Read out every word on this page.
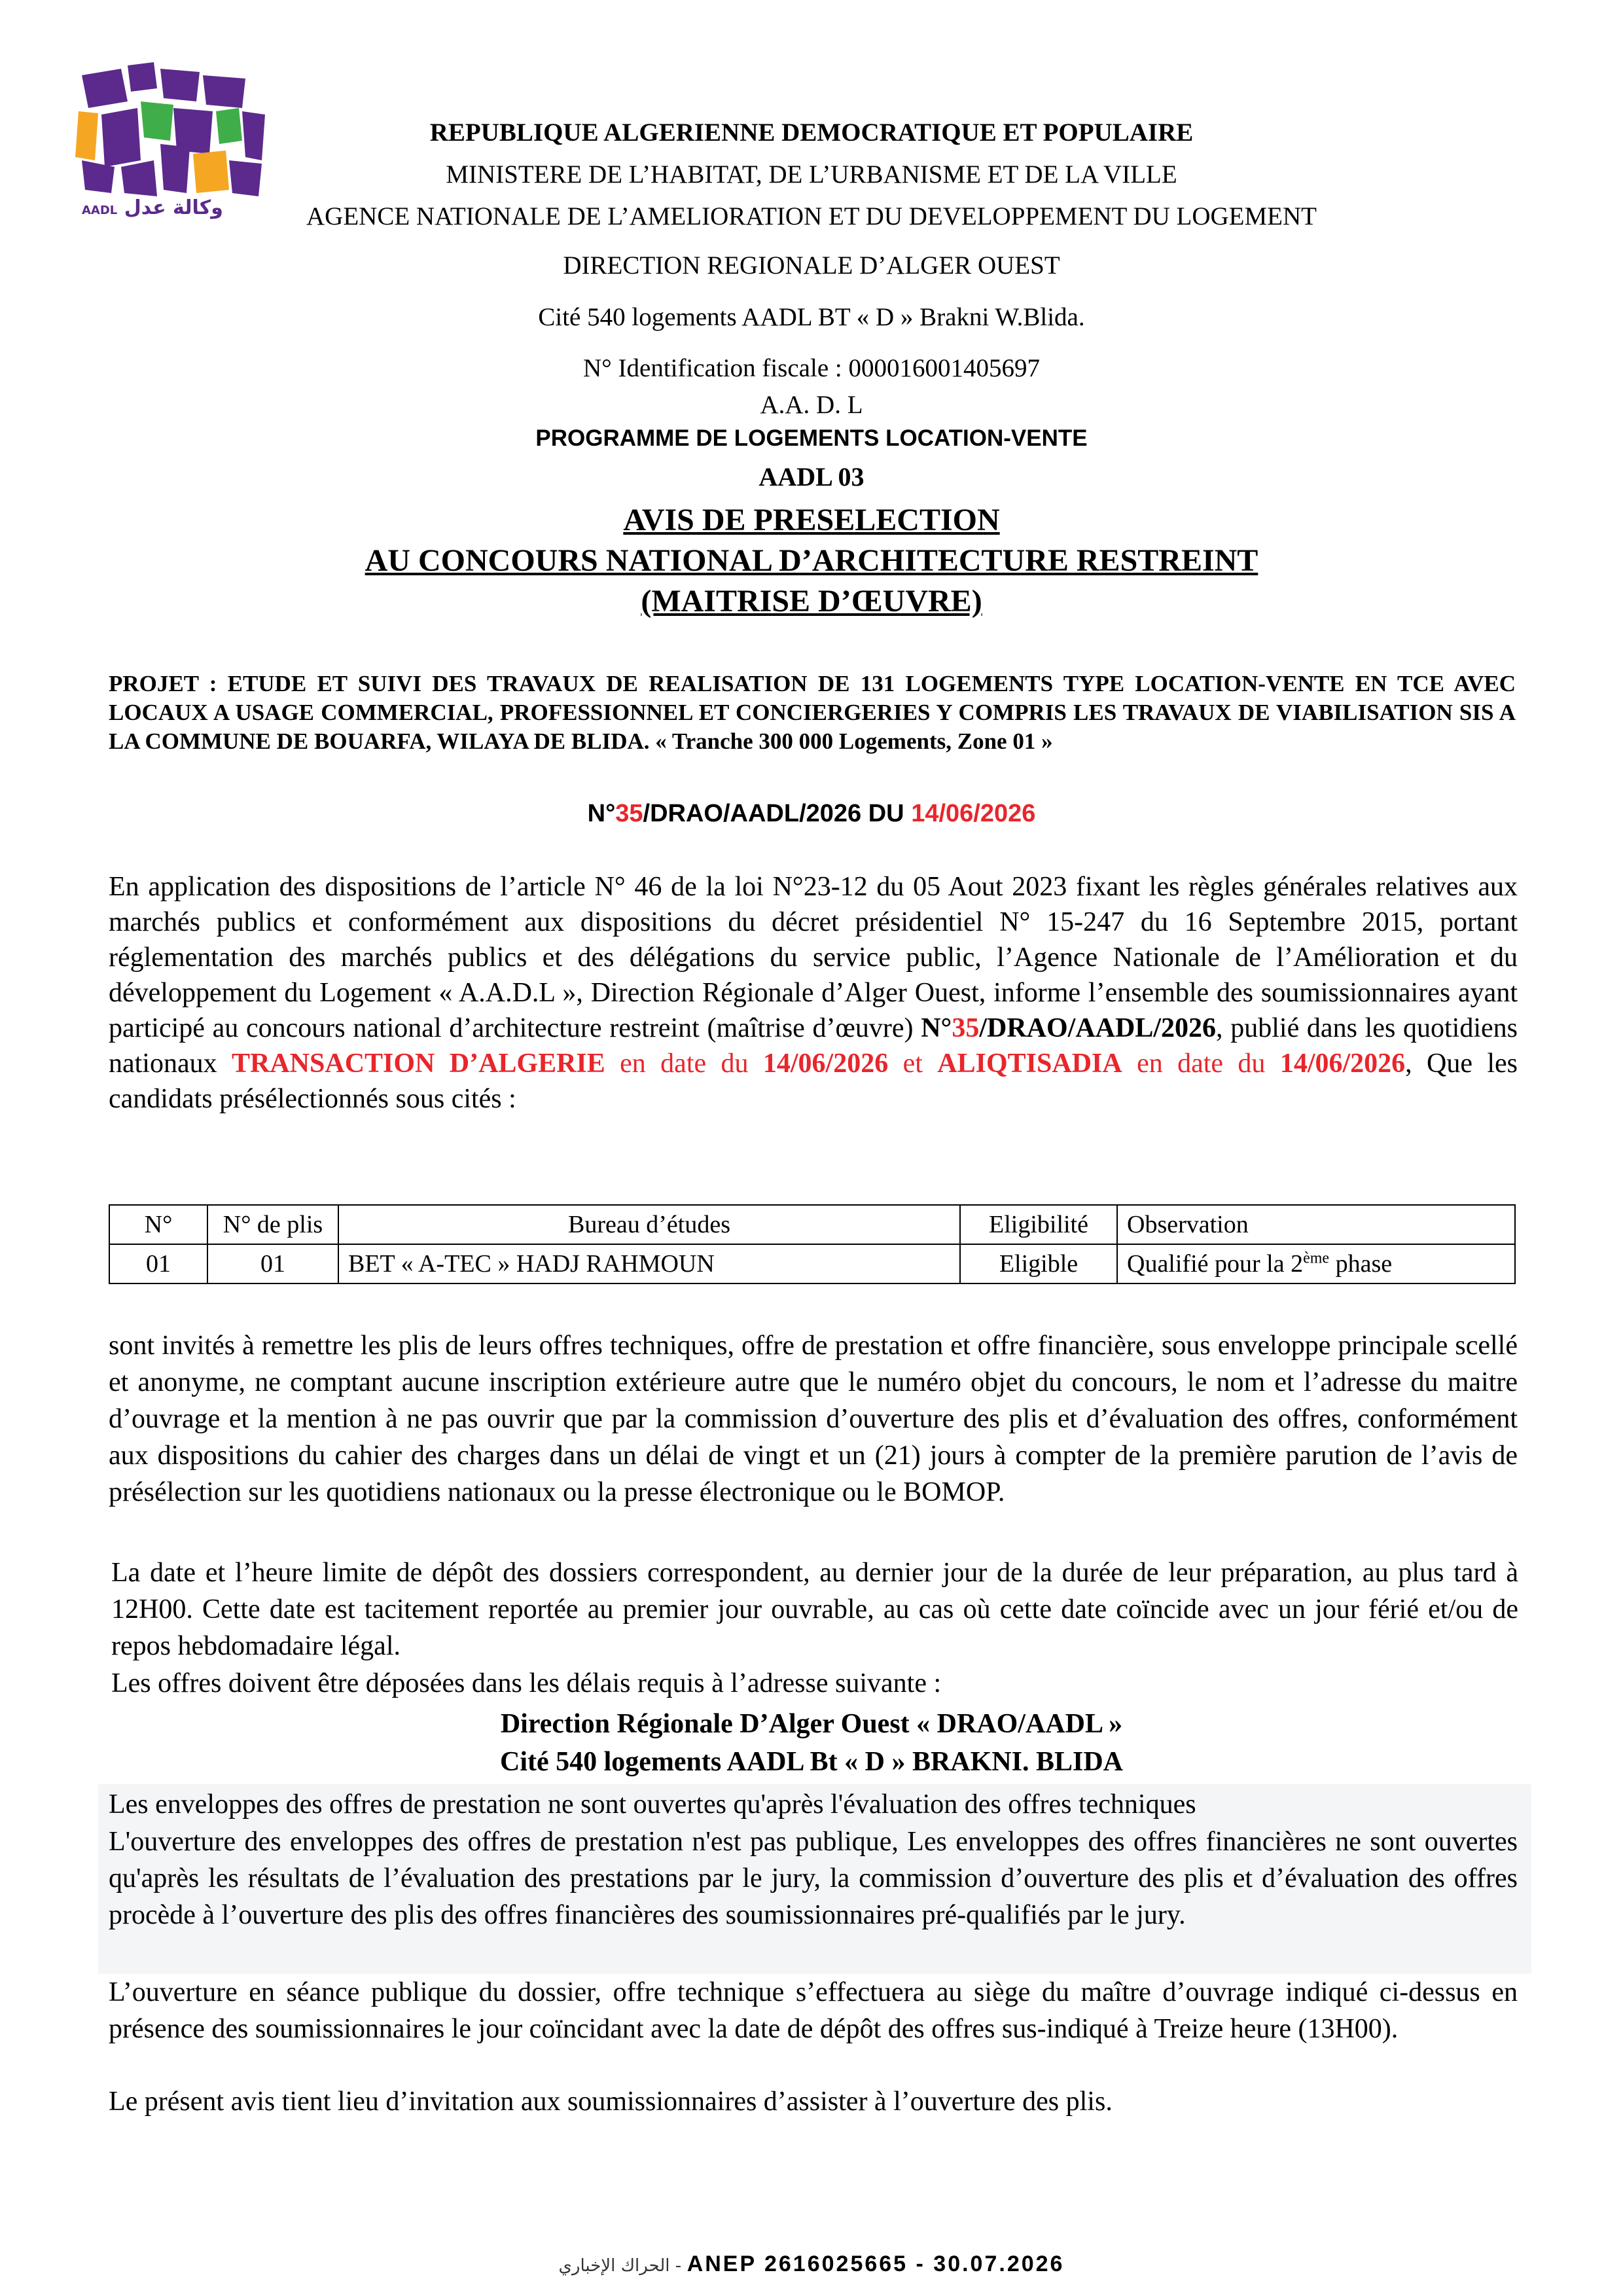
وكالة عدل AADL
REPUBLIQUE ALGERIENNE DEMOCRATIQUE ET POPULAIRE
MINISTERE DE L’HABITAT, DE L’URBANISME ET DE LA VILLE
AGENCE NATIONALE DE L’AMELIORATION ET DU DEVELOPPEMENT DU LOGEMENT
DIRECTION REGIONALE D’ALGER OUEST
Cité 540 logements AADL BT « D » Brakni W.Blida.
N° Identification fiscale : 000016001405697
A.A. D. L
PROGRAMME DE LOGEMENTS LOCATION-VENTE
AADL 03
AVIS DE PRESELECTION
AU CONCOURS NATIONAL D’ARCHITECTURE RESTREINT
(MAITRISE D’ŒUVRE)
PROJET : ETUDE ET SUIVI DES TRAVAUX DE REALISATION DE 131 LOGEMENTS TYPE LOCATION-VENTE EN TCE AVEC LOCAUX A USAGE COMMERCIAL, PROFESSIONNEL ET CONCIERGERIES Y COMPRIS LES TRAVAUX DE VIABILISATION SIS A LA COMMUNE DE BOUARFA, WILAYA DE BLIDA. « Tranche 300 000 Logements, Zone 01 »
N°35/DRAO/AADL/2026 DU 14/06/2026
En application des dispositions de l’article N° 46 de la loi N°23-12 du 05 Aout 2023 fixant les règles générales relatives aux marchés publics et conformément aux dispositions du décret présidentiel N° 15-247 du 16 Septembre 2015, portant réglementation des marchés publics et des délégations du service public, l’Agence Nationale de l’Amélioration et du développement du Logement « A.A.D.L », Direction Régionale d’Alger Ouest, informe l’ensemble des soumissionnaires ayant participé au concours national d’architecture restreint (maîtrise d’œuvre) N°35/DRAO/AADL/2026, publié dans les quotidiens nationaux TRANSACTION D’ALGERIE en date du 14/06/2026 et ALIQTISADIA en date du 14/06/2026, Que les candidats présélectionnés sous cités :
N°	N° de plis	Bureau d’études	Eligibilité	Observation
01	01	BET « A-TEC » HADJ RAHMOUN	Eligible	Qualifié pour la 2ème phase
sont invités à remettre les plis de leurs offres techniques, offre de prestation et offre financière, sous enveloppe principale scellé et anonyme, ne comptant aucune inscription extérieure autre que le numéro objet du concours, le nom et l’adresse du maitre d’ouvrage et la mention à ne pas ouvrir que par la commission d’ouverture des plis et d’évaluation des offres, conformément aux dispositions du cahier des charges dans un délai de vingt et un (21) jours à compter de la première parution de l’avis de présélection sur les quotidiens nationaux ou la presse électronique ou le BOMOP.
La date et l’heure limite de dépôt des dossiers correspondent, au dernier jour de la durée de leur préparation, au plus tard à 12H00. Cette date est tacitement reportée au premier jour ouvrable, au cas où cette date coïncide avec un jour férié et/ou de repos hebdomadaire légal.
Les offres doivent être déposées dans les délais requis à l’adresse suivante :
Direction Régionale D’Alger Ouest « DRAO/AADL »
Cité 540 logements AADL Bt « D » BRAKNI. BLIDA
Les enveloppes des offres de prestation ne sont ouvertes qu'après l'évaluation des offres techniques
L'ouverture des enveloppes des offres de prestation n'est pas publique, Les enveloppes des offres financières ne sont ouvertes qu'après les résultats de l’évaluation des prestations par le jury, la commission d’ouverture des plis et d’évaluation des offres procède à l’ouverture des plis des offres financières des soumissionnaires pré-qualifiés par le jury.
L’ouverture en séance publique du dossier, offre technique s’effectuera au siège du maître d’ouvrage indiqué ci-dessus en présence des soumissionnaires le jour coïncidant avec la date de dépôt des offres sus-indiqué à Treize heure (13H00).
Le présent avis tient lieu d’invitation aux soumissionnaires d’assister à l’ouverture des plis.
الحراك الإخباري - ANEP 2616025665 - 30.07.2026
